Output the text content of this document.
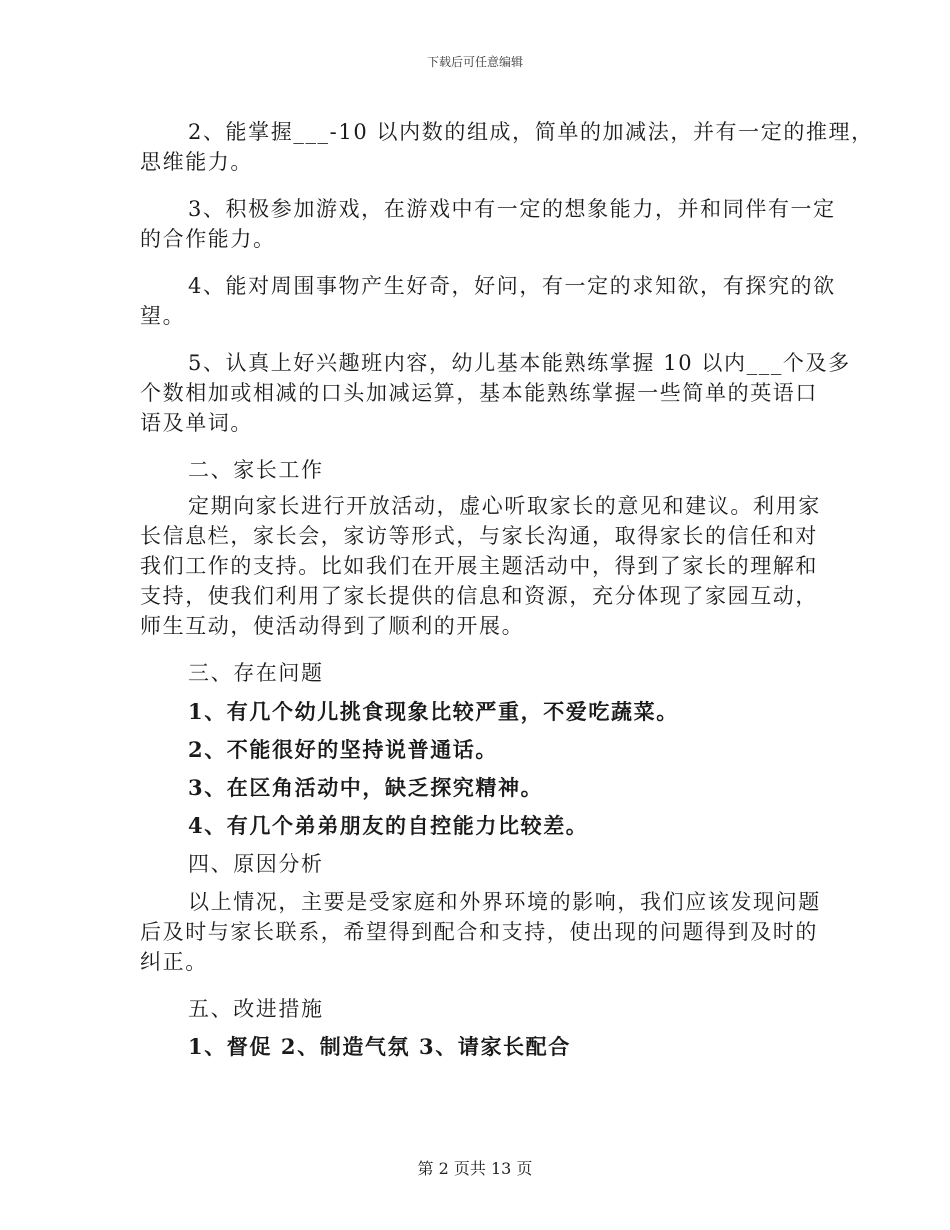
下载后可任意编辑
2、能掌握___-10 以内数的组成，简单的加减法，并有一定的推理，
思维能力。
3、积极参加游戏，在游戏中有一定的想象能力，并和同伴有一定
的合作能力。
4、能对周围事物产生好奇，好问，有一定的求知欲，有探究的欲
望。
5、认真上好兴趣班内容，幼儿基本能熟练掌握 10 以内___个及多
个数相加或相减的口头加减运算，基本能熟练掌握一些简单的英语口
语及单词。
二、家长工作
定期向家长进行开放活动，虚心听取家长的意见和建议。利用家
长信息栏，家长会，家访等形式，与家长沟通，取得家长的信任和对
我们工作的支持。比如我们在开展主题活动中，得到了家长的理解和
支持，使我们利用了家长提供的信息和资源，充分体现了家园互动，
师生互动，使活动得到了顺利的开展。
三、存在问题
1、有几个幼儿挑食现象比较严重，不爱吃蔬菜。
2、不能很好的坚持说普通话。
3、在区角活动中，缺乏探究精神。
4、有几个弟弟朋友的自控能力比较差。
四、原因分析
以上情况，主要是受家庭和外界环境的影响，我们应该发现问题
后及时与家长联系，希望得到配合和支持，使出现的问题得到及时的
纠正。
五、改进措施
1、督促 2、制造气氛 3、请家长配合
第 2 页共 13 页
